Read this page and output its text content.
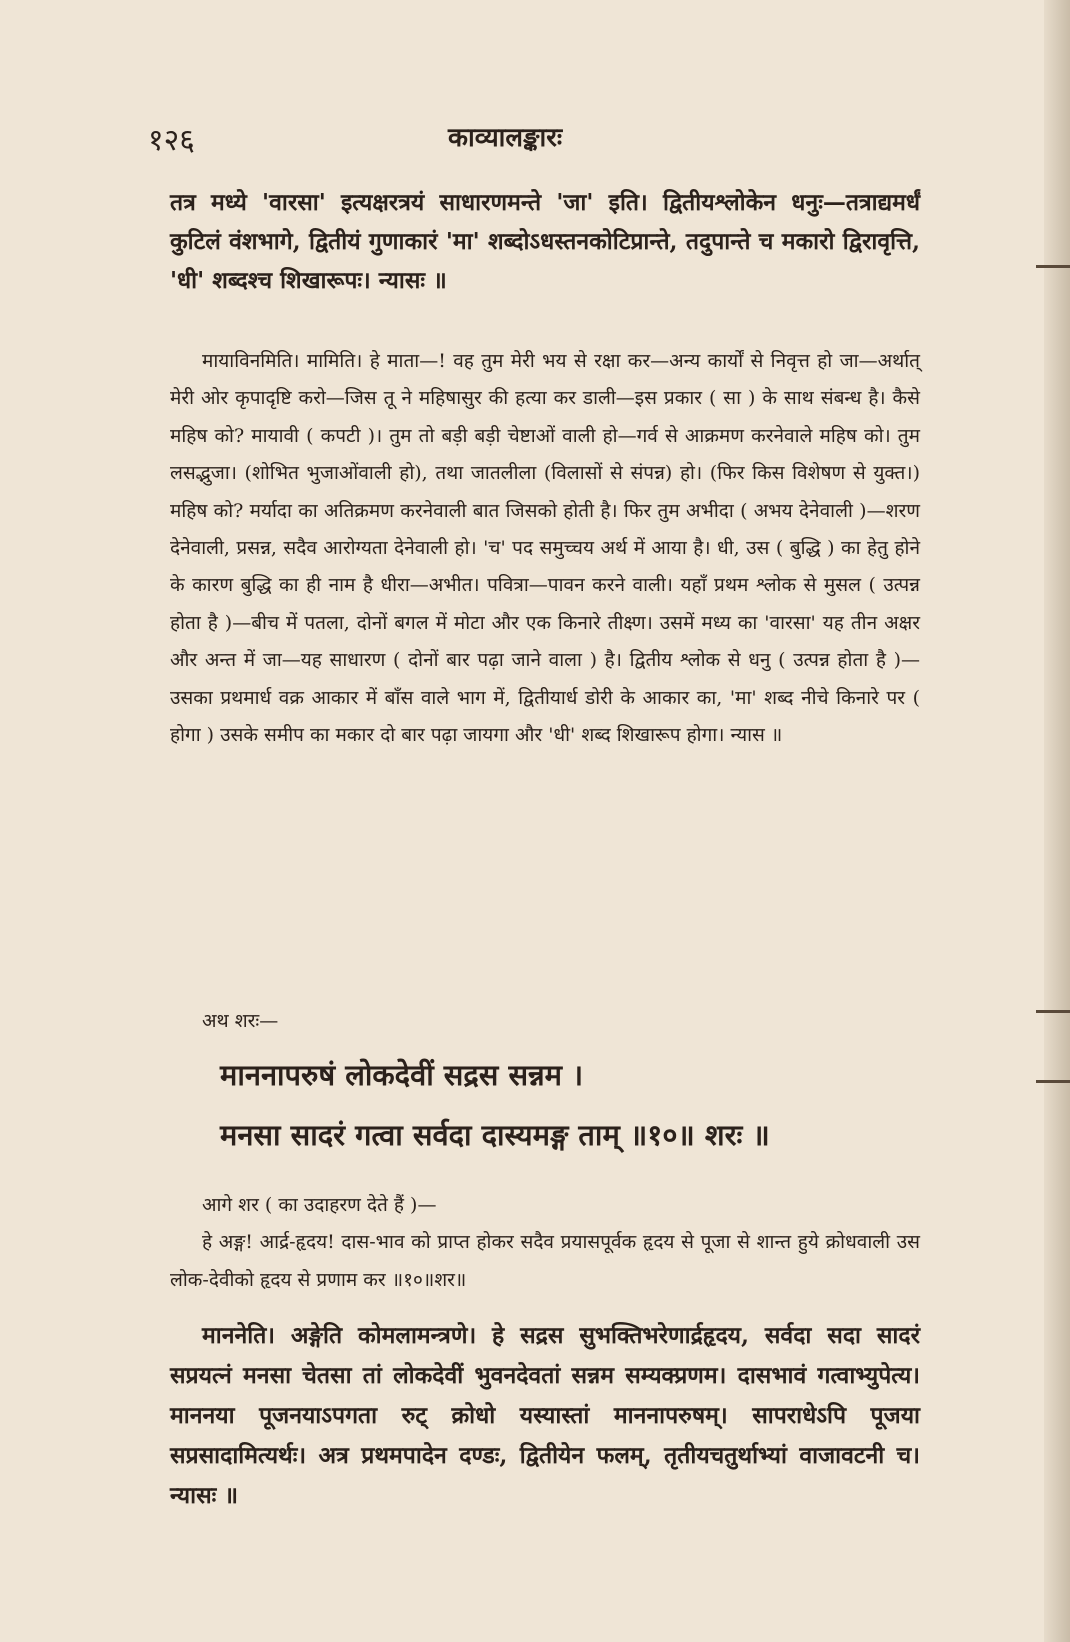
१२६	काव्यालङ्कारः

तत्र मध्ये 'वारसा' इत्यक्षरत्रयं साधारणमन्ते 'जा' इति। द्वितीयश्लोकेन धनुः—तत्राद्यमर्धं कुटिलं वंशभागे, द्वितीयं गुणाकारं 'मा' शब्दोऽधस्तनकोटिप्रान्ते, तदुपान्ते च मकारो द्विरावृत्ति, 'धी' शब्दश्च शिखारूपः। न्यासः ॥

मायाविनमिति। मामिति। हे माता—! वह तुम मेरी भय से रक्षा कर—अन्य कार्यों से निवृत्त हो जा—अर्थात् मेरी ओर कृपादृष्टि करो—जिस तू ने महिषासुर की हत्या कर डाली—इस प्रकार ( सा ) के साथ संबन्ध है। कैसे महिष को? मायावी ( कपटी )। तुम तो बड़ी बड़ी चेष्टाओं वाली हो—गर्व से आक्रमण करनेवाले महिष को। तुम लसद्भुजा। (शोभित भुजाओंवाली हो), तथा जातलीला (विलासों से संपन्न) हो। (फिर किस विशेषण से युक्त।) महिष को? मर्यादा का अतिक्रमण करनेवाली बात जिसको होती है। फिर तुम अभीदा ( अभय देनेवाली )—शरण देनेवाली, प्रसन्न, सदैव आरोग्यता देनेवाली हो। 'च' पद समुच्चय अर्थ में आया है। धी, उस ( बुद्धि ) का हेतु होने के कारण बुद्धि का ही नाम है धीरा—अभीत। पवित्रा—पावन करने वाली। यहाँ प्रथम श्लोक से मुसल ( उत्पन्न होता है )—बीच में पतला, दोनों बगल में मोटा और एक किनारे तीक्ष्ण। उसमें मध्य का 'वारसा' यह तीन अक्षर और अन्त में जा—यह साधारण ( दोनों बार पढ़ा जाने वाला ) है। द्वितीय श्लोक से धनु ( उत्पन्न होता है )—उसका प्रथमार्ध वक्र आकार में बाँस वाले भाग में, द्वितीयार्ध डोरी के आकार का, 'मा' शब्द नीचे किनारे पर ( होगा ) उसके समीप का मकार दो बार पढ़ा जायगा और 'धी' शब्द शिखारूप होगा। न्यास ॥

अथ शरः—

माननापरुषं लोकदेवीं सद्रस सन्नम ।

मनसा सादरं गत्वा सर्वदा दास्यमङ्ग ताम् ॥१०॥ शरः ॥

आगे शर ( का उदाहरण देते हैं )—

हे अङ्ग! आर्द्र-हृदय! दास-भाव को प्राप्त होकर सदैव प्रयासपूर्वक हृदय से पूजा से शान्त हुये क्रोधवाली उस लोक-देवीको हृदय से प्रणाम कर ॥१०॥शर॥

माननेति। अङ्गेति कोमलामन्त्रणे। हे सद्रस सुभक्तिभरेणार्द्रहृदय, सर्वदा सदा सादरं सप्रयत्नं मनसा चेतसा तां लोकदेवीं भुवनदेवतां सन्नम सम्यक्प्रणम। दासभावं गत्वाभ्युपेत्य। माननया पूजनयाऽपगता रुट् क्रोधो यस्यास्तां माननापरुषम्। सापराधेऽपि पूजया सप्रसादामित्यर्थः। अत्र प्रथमपादेन दण्डः, द्वितीयेन फलम्, तृतीयचतुर्थाभ्यां वाजावटनी च। न्यासः ॥
